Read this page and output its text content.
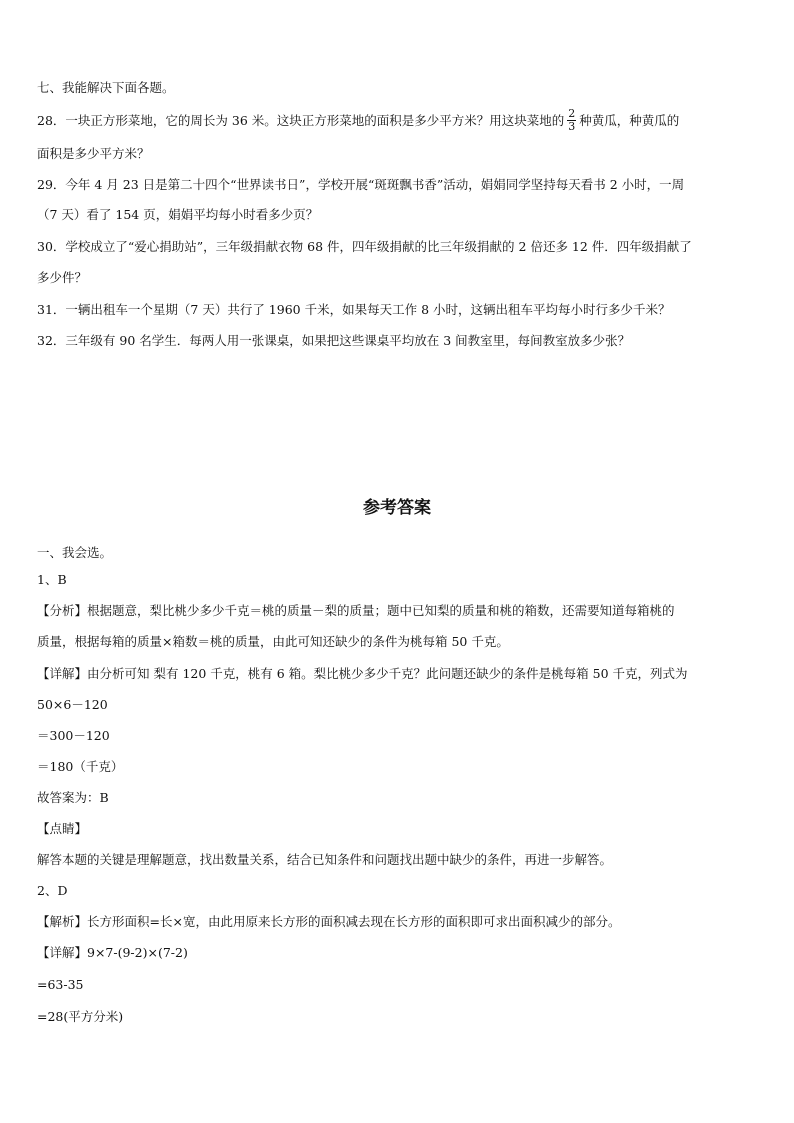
七、我能解决下面各题。
28．一块正方形菜地，它的周长为 36 米。这块正方形菜地的面积是多少平方米？用这块菜地的 $\frac{2}{3}$ 种黄瓜，种黄瓜的
面积是多少平方米？
29．今年 4 月 23 日是第二十四个“世界读书日”，学校开展“斑斑飘书香”活动，娟娟同学坚持每天看书 2 小时，一周
（7 天）看了 154 页，娟娟平均每小时看多少页？
30．学校成立了“爱心捐助站”，三年级捐献衣物 68 件，四年级捐献的比三年级捐献的 2 倍还多 12 件．四年级捐献了
多少件？
31．一辆出租车一个星期（7 天）共行了 1960 千米，如果每天工作 8 小时，这辆出租车平均每小时行多少千米？
32．三年级有 90 名学生．每两人用一张课桌，如果把这些课桌平均放在 3 间教室里，每间教室放多少张？
参考答案
一、我会选。
1、B
【分析】根据题意，梨比桃少多少千克＝桃的质量－梨的质量；题中已知梨的质量和桃的箱数，还需要知道每箱桃的
质量，根据每箱的质量×箱数＝桃的质量，由此可知还缺少的条件为桃每箱 50 千克。
【详解】由分析可知 梨有 120 千克，桃有 6 箱。梨比桃少多少千克？此问题还缺少的条件是桃每箱 50 千克，列式为
50×6－120
＝300－120
＝180（千克）
故答案为：B
【点睛】
解答本题的关键是理解题意，找出数量关系，结合已知条件和问题找出题中缺少的条件，再进一步解答。
2、D
【解析】长方形面积=长×宽，由此用原来长方形的面积减去现在长方形的面积即可求出面积减少的部分。
【详解】9×7-(9-2)×(7-2)
=63-35
=28(平方分米)
